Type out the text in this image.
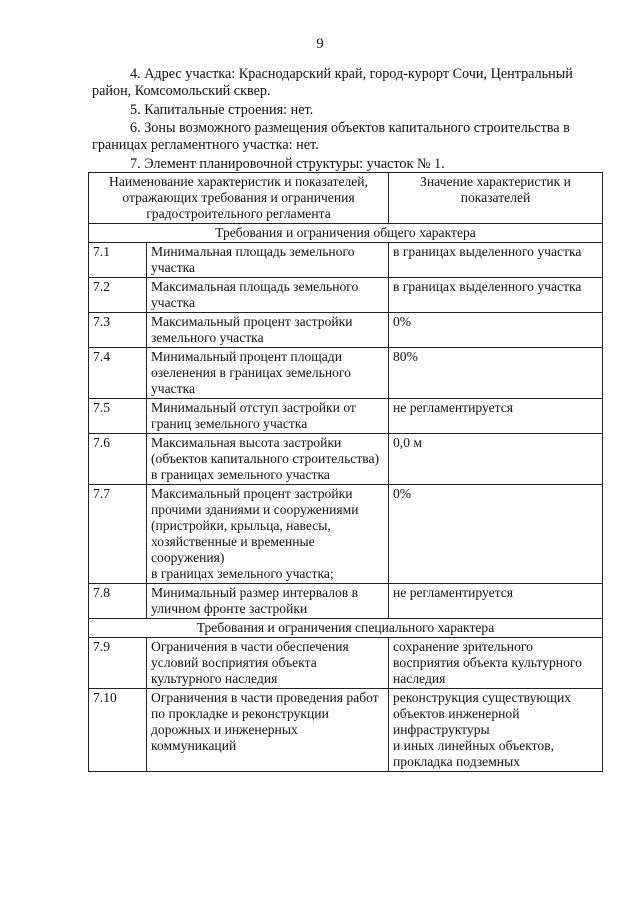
9

4. Адрес участка: Краснодарский край, город-курорт Сочи, Центральный район, Комсомольский сквер.

5. Капитальные строения: нет.

6. Зоны возможного размещения объектов капитального строительства в границах регламентного участка: нет.

7. Элемент планировочной структуры: участок № 1.

Наименование характеристик и показателей, отражающих требования и ограничения градостроительного регламента		Значение характеристик и показателей
Требования и ограничения общего характера		
7.1	Минимальная площадь земельного участка	в границах выделенного участка
7.2	Максимальная площадь земельного участка	в границах выделенного участка
7.3	Максимальный процент застройки земельного участка	0%
7.4	Минимальный процент площади озеленения в границах земельного участка	80%
7.5	Минимальный отступ застройки от границ земельного участка	не регламентируется
7.6	Максимальная высота застройки (объектов капитального строительства) в границах земельного участка	0,0 м
7.7	Максимальный процент застройки прочими зданиями и сооружениями
(пристройки, крыльца, навесы, хозяйственные и временные сооружения)
в границах земельного участка;	0%
7.8	Минимальный размер интервалов в уличном фронте застройки	не регламентируется
Требования и ограничения специального характера		
7.9	Ограничения в части обеспечения условий восприятия объекта культурного наследия	сохранение зрительного восприятия объекта культурного наследия
7.10	Ограничения в части проведения работ по прокладке и реконструкции дорожных и инженерных коммуникаций	реконструкция существующих объектов инженерной инфраструктуры
и иных линейных объектов, прокладка подземных
